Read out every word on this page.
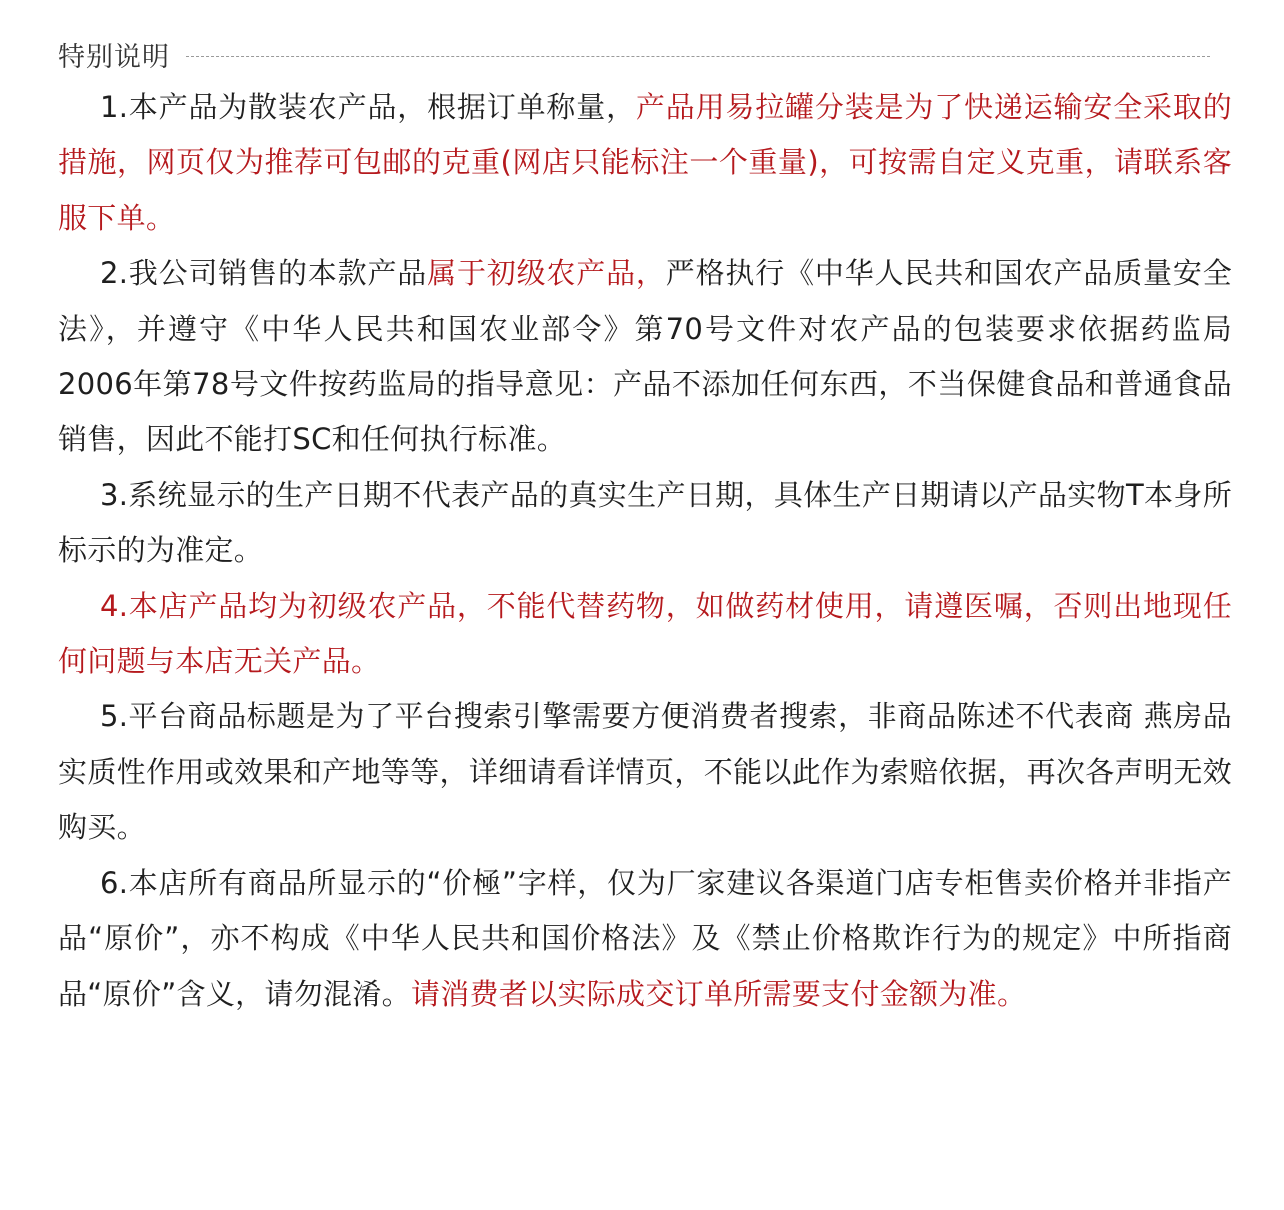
特别说明

1.本产品为散装农产品，根据订单称量，产品用易拉罐分装是为了快递运输安全采取的措施，网页仅为推荐可包邮的克重(网店只能标注一个重量)，可按需自定义克重，请联系客服下单。

2.我公司销售的本款产品属于初级农产品，严格执行《中华人民共和国农产品质量安全法》，并遵守《中华人民共和国农业部令》第70号文件对农产品的包装要求依据药监局2006年第78号文件按药监局的指导意见：产品不添加任何东西，不当保健食品和普通食品销售，因此不能打SC和任何执行标准。

3.系统显示的生产日期不代表产品的真实生产日期，具体生产日期请以产品实物T本身所标示的为准定。

4.本店产品均为初级农产品，不能代替药物，如做药材使用，请遵医嘱，否则出地现任何问题与本店无关产品。

5.平台商品标题是为了平台搜索引擎需要方便消费者搜索，非商品陈述不代表商 燕房品实质性作用或效果和产地等等，详细请看详情页，不能以此作为索赔依据，再次各声明无效购买。

6.本店所有商品所显示的“价極”字样，仅为厂家建议各渠道门店专柜售卖价格并非指产品“原价”，亦不构成《中华人民共和国价格法》及《禁止价格欺诈行为的规定》中所指商品“原价”含义，请勿混淆。请消费者以实际成交订单所需要支付金额为准。
